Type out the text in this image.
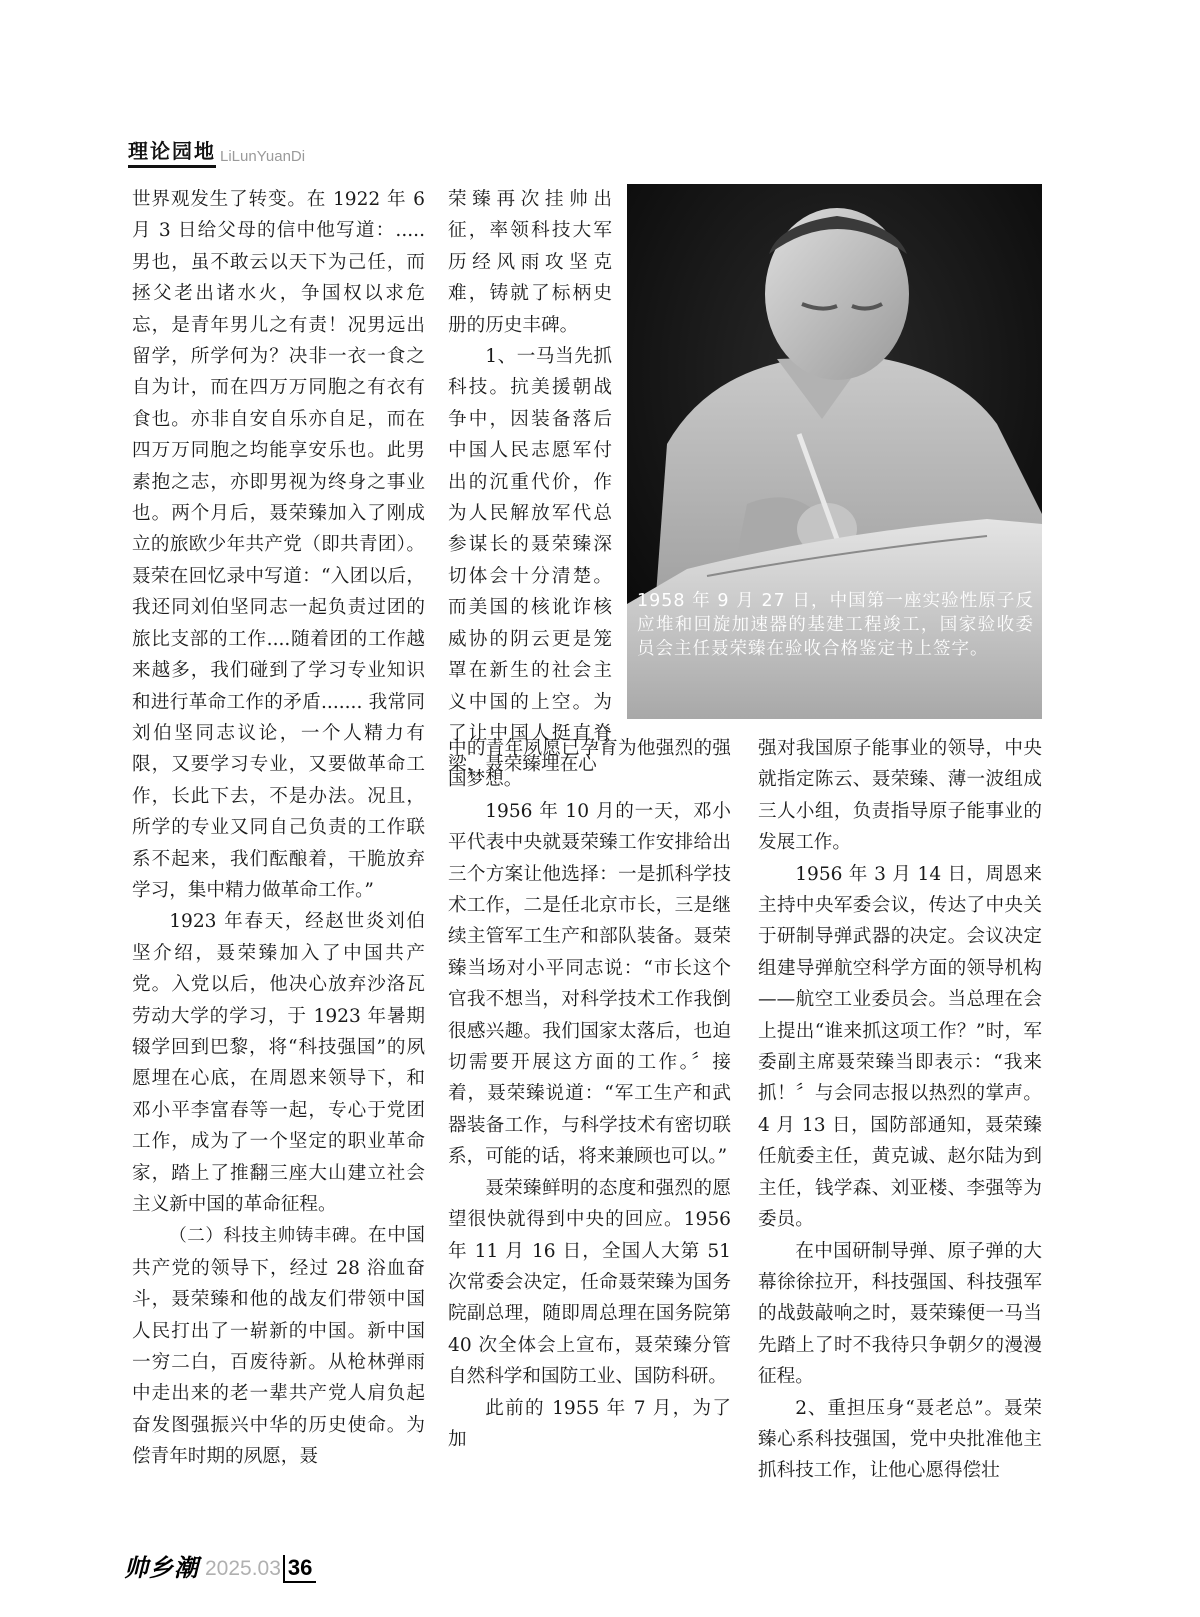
理论园地 LiLunYuanDi

世界观发生了转变。在 1922 年 6 月 3 日给父母的信中他写道：.....男也，虽不敢云以天下为己任，而拯父老出诸水火，争国权以求危忘，是青年男儿之有责！况男远出留学，所学何为？决非一衣一食之自为计，而在四万万同胞之有衣有食也。亦非自安自乐亦自足，而在四万万同胞之均能享安乐也。此男素抱之志，亦即男视为终身之事业也。两个月后，聂荣臻加入了刚成立的旅欧少年共产党（即共青团）。聂荣在回忆录中写道：“入团以后，我还同刘伯坚同志一起负责过团的旅比支部的工作....随着团的工作越来越多，我们碰到了学习专业知识和进行革命工作的矛盾....... 我常同刘伯坚同志议论，一个人精力有限，又要学习专业，又要做革命工作，长此下去，不是办法。况且，所学的专业又同自己负责的工作联系不起来，我们酝酿着，干脆放弃学习，集中精力做革命工作。”

1923 年春天，经赵世炎刘伯坚介绍，聂荣臻加入了中国共产党。入党以后，他决心放弃沙洛瓦劳动大学的学习，于 1923 年暑期辍学回到巴黎，将“科技强国”的夙愿埋在心底，在周恩来领导下，和邓小平李富春等一起，专心于党团工作，成为了一个坚定的职业革命家，踏上了推翻三座大山建立社会主义新中国的革命征程。

（二）科技主帅铸丰碑。在中国共产党的领导下，经过 28 浴血奋斗，聂荣臻和他的战友们带领中国人民打出了一崭新的中国。新中国一穷二白，百废待新。从枪林弹雨中走出来的老一辈共产党人肩负起奋发图强振兴中华的历史使命。为偿青年时期的夙愿，聂

荣臻再次挂帅出征，率领科技大军历经风雨攻坚克难，铸就了标柄史册的历史丰碑。

1、一马当先抓科技。抗美援朝战争中，因装备落后中国人民志愿军付出的沉重代价，作为人民解放军代总参谋长的聂荣臻深切体会十分清楚。而美国的核讹诈核威协的阴云更是笼罩在新生的社会主义中国的上空。为了让中国人挺直脊梁，聂荣臻埋在心

1958 年 9 月 27 日，中国第一座实验性原子反应堆和回旋加速器的基建工程竣工，国家验收委员会主任聂荣臻在验收合格鉴定书上签字。

中的青年夙愿已孕育为他强烈的强国梦想。

1956 年 10 月的一天，邓小平代表中央就聂荣臻工作安排给出三个方案让他选择：一是抓科学技术工作，二是任北京市长，三是继续主管军工生产和部队装备。聂荣臻当场对小平同志说：“市长这个官我不想当，对科学技术工作我倒很感兴趣。我们国家太落后，也迫切需要开展这方面的工作。〞接着，聂荣臻说道：“军工生产和武器装备工作，与科学技术有密切联系，可能的话，将来兼顾也可以。”

聂荣臻鲜明的态度和强烈的愿望很快就得到中央的回应。1956 年 11 月 16 日，全国人大第 51 次常委会决定，任命聂荣臻为国务院副总理，随即周总理在国务院第 40 次全体会上宣布，聂荣臻分管自然科学和国防工业、国防科研。

此前的 1955 年 7 月，为了加

强对我国原子能事业的领导，中央就指定陈云、聂荣臻、薄一波组成三人小组，负责指导原子能事业的发展工作。

1956 年 3 月 14 日，周恩来主持中央军委会议，传达了中央关于研制导弹武器的决定。会议决定组建导弹航空科学方面的领导机构——航空工业委员会。当总理在会上提出“谁来抓这项工作？”时，军委副主席聂荣臻当即表示：“我来抓！〞与会同志报以热烈的掌声。4 月 13 日，国防部通知，聂荣臻任航委主任，黄克诚、赵尔陆为到主任，钱学森、刘亚楼、李强等为委员。

在中国研制导弹、原子弹的大幕徐徐拉开，科技强国、科技强军的战鼓敲响之时，聂荣臻便一马当先踏上了时不我待只争朝夕的漫漫征程。

2、重担压身“聂老总”。聂荣臻心系科技强国，党中央批准他主抓科技工作，让他心愿得偿壮

帅乡潮 2025.03 36
